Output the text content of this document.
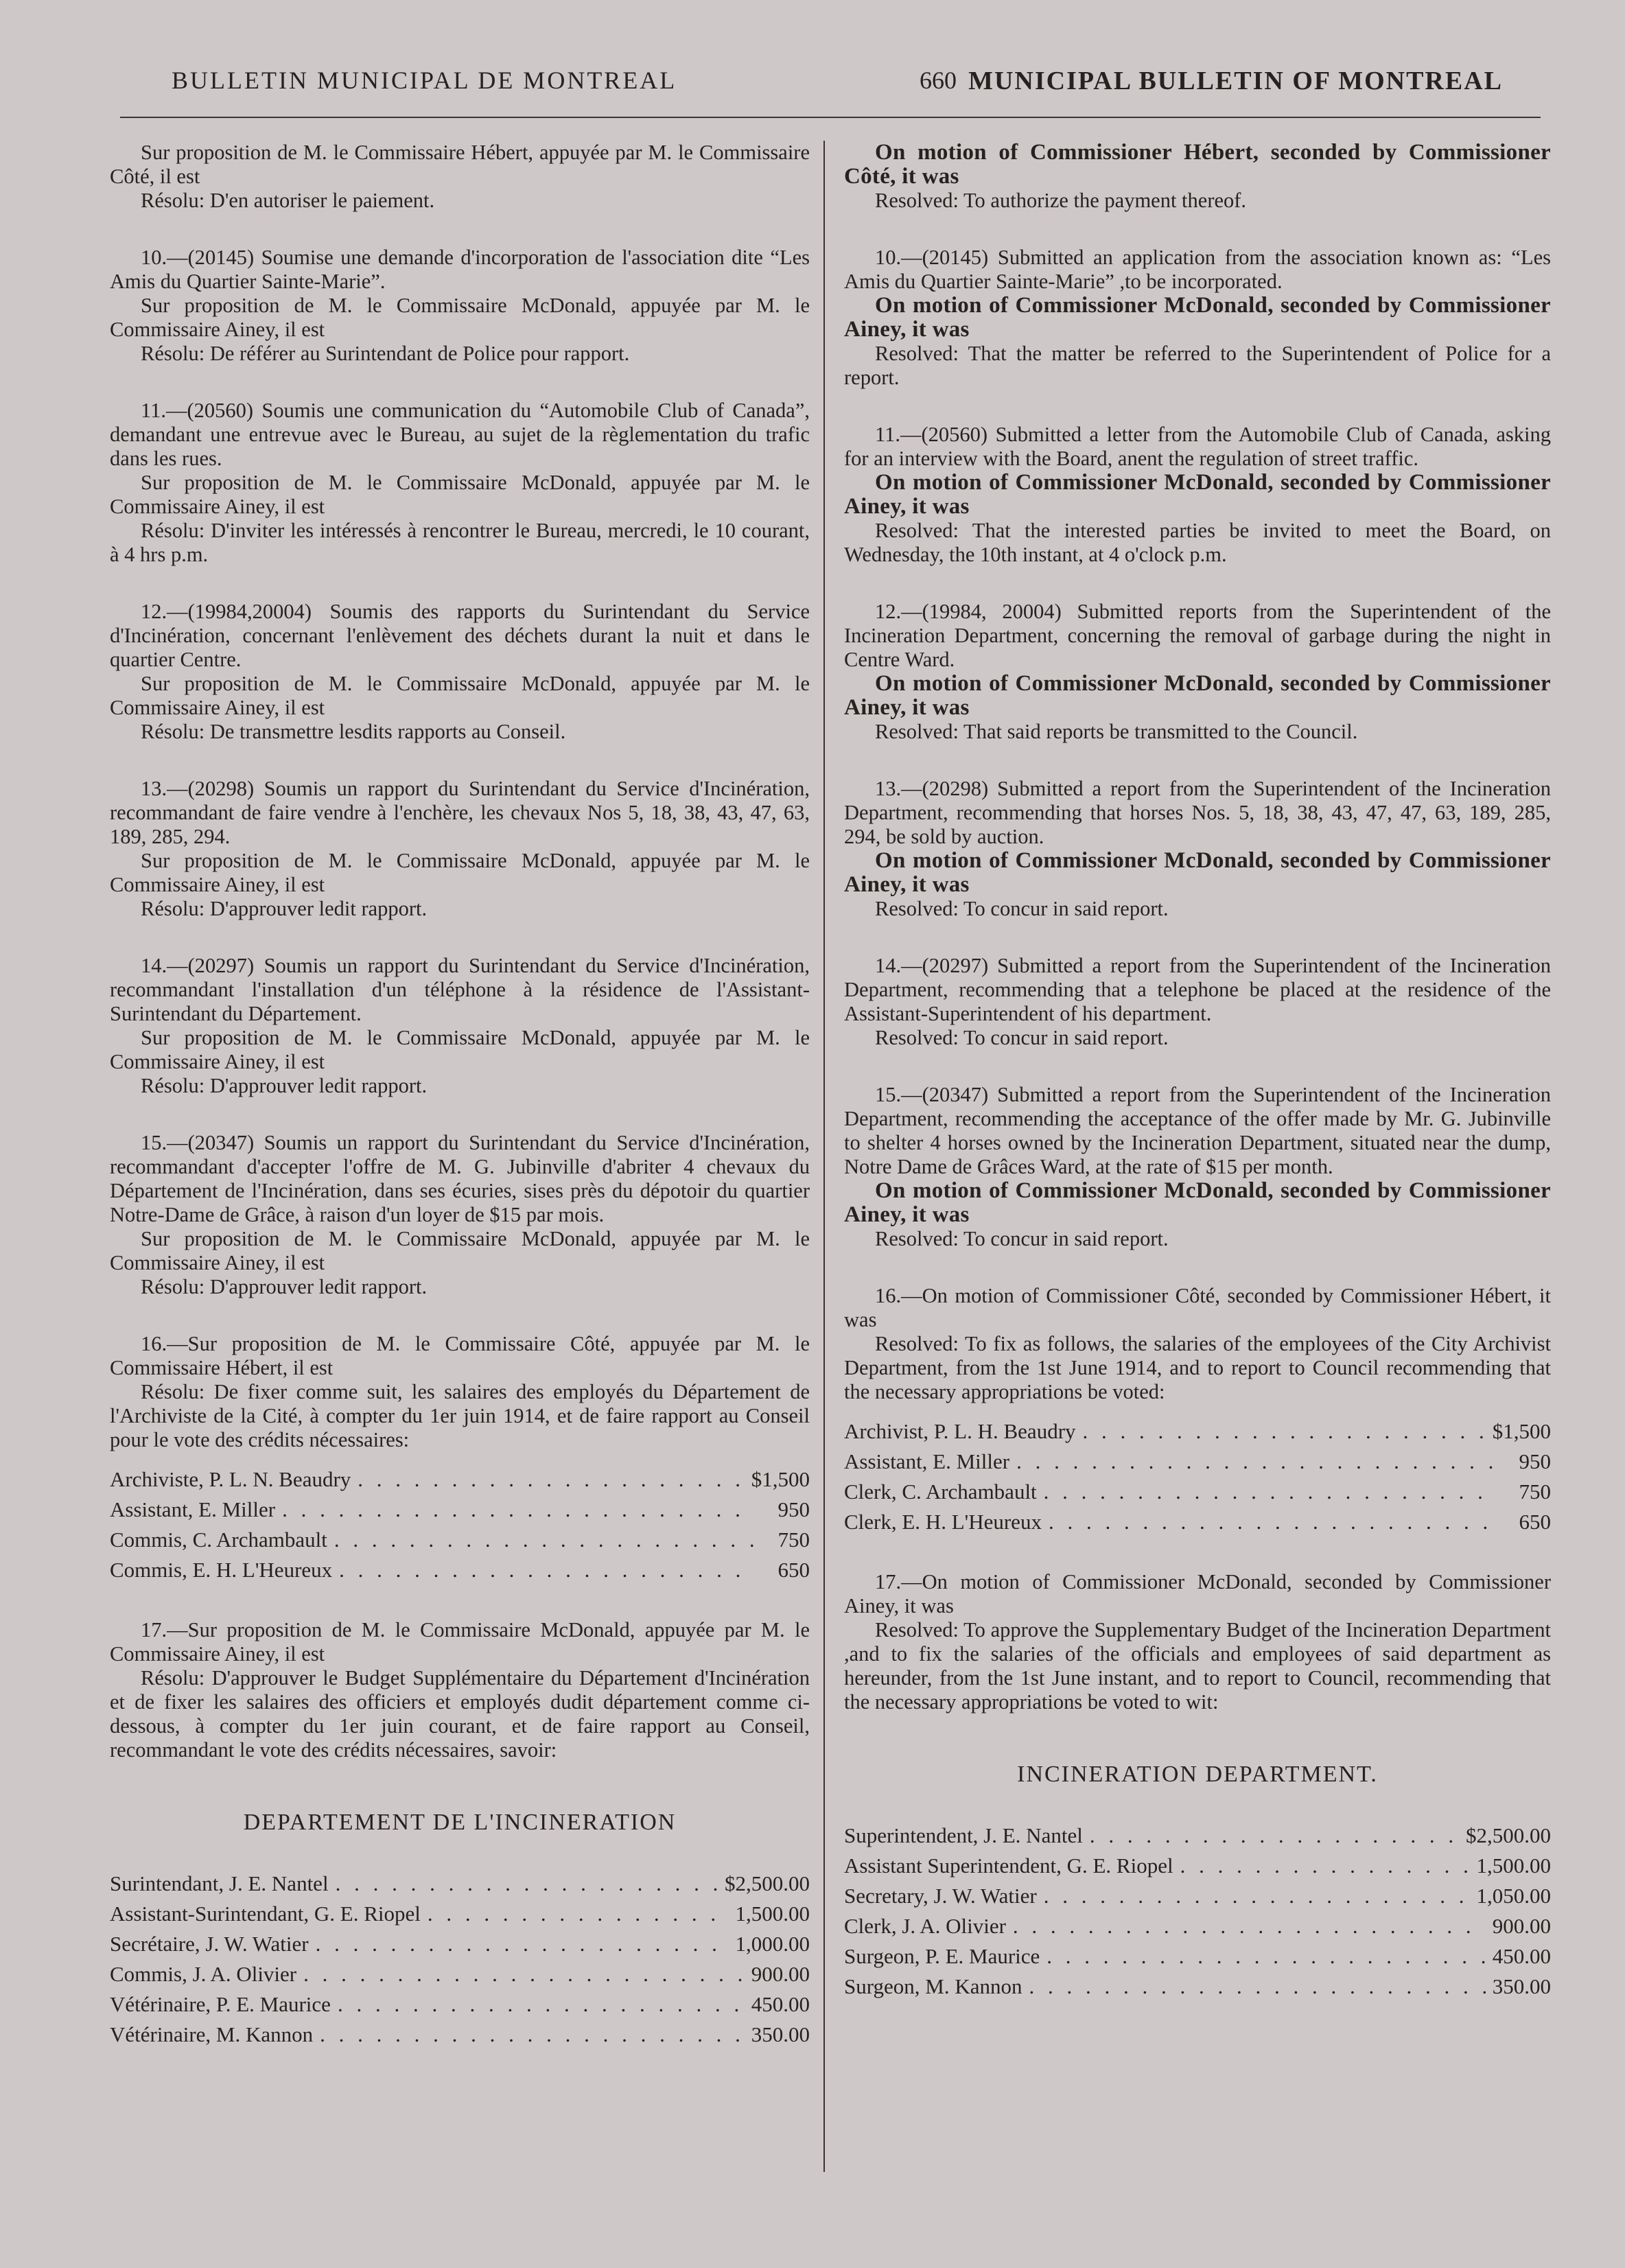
BULLETIN MUNICIPAL DE MONTREAL	660 MUNICIPAL BULLETIN OF MONTREAL

Sur proposition de M. le Commissaire Hébert, appuyée par M. le Commissaire Côté, il est

Résolu: D'en autoriser le paiement.

10.—(20145) Soumise une demande d'incorporation de l'association dite “Les Amis du Quartier Sainte-Marie”.

Sur proposition de M. le Commissaire McDonald, appuyée par M. le Commissaire Ainey, il est

Résolu: De référer au Surintendant de Police pour rapport.

11.—(20560) Soumis une communication du “Automobile Club of Canada”, demandant une entrevue avec le Bureau, au sujet de la règlementation du trafic dans les rues.

Sur proposition de M. le Commissaire McDonald, appuyée par M. le Commissaire Ainey, il est

Résolu: D'inviter les intéressés à rencontrer le Bureau, mercredi, le 10 courant, à 4 hrs p.m.

12.—(19984,20004) Soumis des rapports du Surintendant du Service d'Incinération, concernant l'enlèvement des déchets durant la nuit et dans le quartier Centre.

Sur proposition de M. le Commissaire McDonald, appuyée par M. le Commissaire Ainey, il est

Résolu: De transmettre lesdits rapports au Conseil.

13.—(20298) Soumis un rapport du Surintendant du Service d'Incinération, recommandant de faire vendre à l'enchère, les chevaux Nos 5, 18, 38, 43, 47, 63, 189, 285, 294.

Sur proposition de M. le Commissaire McDonald, appuyée par M. le Commissaire Ainey, il est

Résolu: D'approuver ledit rapport.

14.—(20297) Soumis un rapport du Surintendant du Service d'Incinération, recommandant l'installation d'un téléphone à la résidence de l'Assistant-Surintendant du Département.

Sur proposition de M. le Commissaire McDonald, appuyée par M. le Commissaire Ainey, il est

Résolu: D'approuver ledit rapport.

15.—(20347) Soumis un rapport du Surintendant du Service d'Incinération, recommandant d'accepter l'offre de M. G. Jubinville d'abriter 4 chevaux du Département de l'Incinération, dans ses écuries, sises près du dépotoir du quartier Notre-Dame de Grâce, à raison d'un loyer de $15 par mois.

Sur proposition de M. le Commissaire McDonald, appuyée par M. le Commissaire Ainey, il est

Résolu: D'approuver ledit rapport.

16.—Sur proposition de M. le Commissaire Côté, appuyée par M. le Commissaire Hébert, il est

Résolu: De fixer comme suit, les salaires des employés du Département de l'Archiviste de la Cité, à compter du 1er juin 1914, et de faire rapport au Conseil pour le vote des crédits nécessaires:

Archiviste, P. L. N. Beaudry . . .	$1,500
Assistant, E. Miller . . .	950
Commis, C. Archambault . . .	750
Commis, E. H. L'Heureux . . .	650

17.—Sur proposition de M. le Commissaire McDonald, appuyée par M. le Commissaire Ainey, il est

Résolu: D'approuver le Budget Supplémentaire du Département d'Incinération et de fixer les salaires des officiers et employés dudit département comme ci-dessous, à compter du 1er juin courant, et de faire rapport au Conseil, recommandant le vote des crédits nécessaires, savoir:

DEPARTEMENT DE L'INCINERATION
Surintendant, J. E. Nantel . . .	$2,500.00
Assistant-Surintendant, G. E. Riopel . . .	1,500.00
Secrétaire, J. W. Watier . . .	1,000.00
Commis, J. A. Olivier . . .	900.00
Vétérinaire, P. E. Maurice . . .	450.00
Vétérinaire, M. Kannon . . .	350.00

On motion of Commissioner Hébert, seconded by Commissioner Côté, it was

Resolved: To authorize the payment thereof.

10.—(20145) Submitted an application from the association known as: “Les Amis du Quartier Sainte-Marie” ,to be incorporated.

On motion of Commissioner McDonald, seconded by Commissioner Ainey, it was

Resolved: That the matter be referred to the Superintendent of Police for a report.

11.—(20560) Submitted a letter from the Automobile Club of Canada, asking for an interview with the Board, anent the regulation of street traffic.

On motion of Commissioner McDonald, seconded by Commissioner Ainey, it was

Resolved: That the interested parties be invited to meet the Board, on Wednesday, the 10th instant, at 4 o'clock p.m.

12.—(19984, 20004) Submitted reports from the Superintendent of the Incineration Department, concerning the removal of garbage during the night in Centre Ward.

On motion of Commissioner McDonald, seconded by Commissioner Ainey, it was

Resolved: That said reports be transmitted to the Council.

13.—(20298) Submitted a report from the Superintendent of the Incineration Department, recommending that horses Nos. 5, 18, 38, 43, 47, 47, 63, 189, 285, 294, be sold by auction.

On motion of Commissioner McDonald, seconded by Commissioner Ainey, it was

Resolved: To concur in said report.

14.—(20297) Submitted a report from the Superintendent of the Incineration Department, recommending that a telephone be placed at the residence of the Assistant-Superintendent of his department.

Resolved: To concur in said report.

15.—(20347) Submitted a report from the Superintendent of the Incineration Department, recommending the acceptance of the offer made by Mr. G. Jubinville to shelter 4 horses owned by the Incineration Department, situated near the dump, Notre Dame de Grâces Ward, at the rate of $15 per month.

On motion of Commissioner McDonald, seconded by Commissioner Ainey, it was

Resolved: To concur in said report.

16.—On motion of Commissioner Côté, seconded by Commissioner Hébert, it was

Resolved: To fix as follows, the salaries of the employees of the City Archivist Department, from the 1st June 1914, and to report to Council recommending that the necessary appropriations be voted:

Archivist, P. L. H. Beaudry . . .	$1,500
Assistant, E. Miller . . .	950
Clerk, C. Archambault . . .	750
Clerk, E. H. L'Heureux . . .	650

17.—On motion of Commissioner McDonald, seconded by Commissioner Ainey, it was

Resolved: To approve the Supplementary Budget of the Incineration Department ,and to fix the salaries of the officials and employees of said department as hereunder, from the 1st June instant, and to report to Council, recommending that the necessary appropriations be voted to wit:

INCINERATION DEPARTMENT.
Superintendent, J. E. Nantel . . .	$2,500.00
Assistant Superintendent, G. E. Riopel . . .	1,500.00
Secretary, J. W. Watier . . .	1,050.00
Clerk, J. A. Olivier . . .	900.00
Surgeon, P. E. Maurice . . .	450.00
Surgeon, M. Kannon . . .	350.00
